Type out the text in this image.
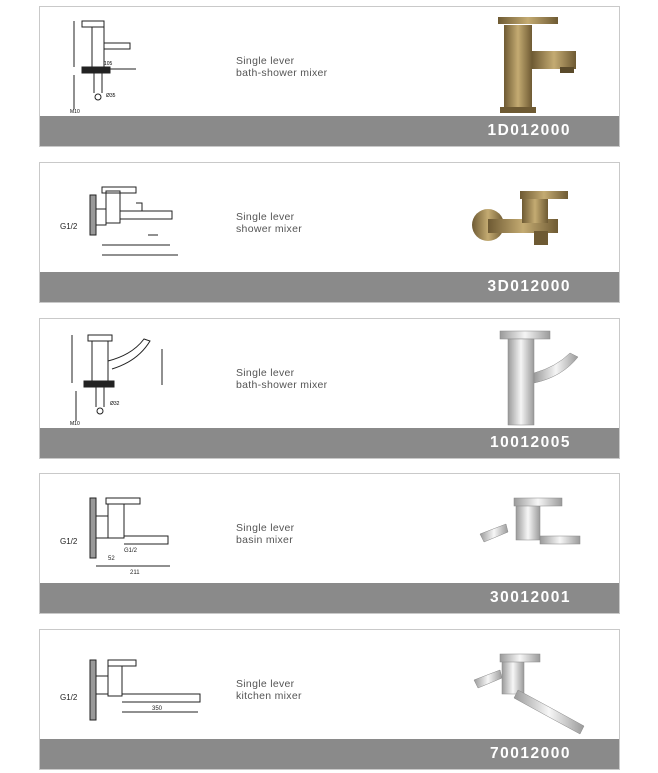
105
Ø35
M10
Single lever
bath-shower mixer
1D012000
G1/2
Single lever
shower mixer
3D012000
Ø32
M10
Single lever
bath-shower mixer
10012005
G1/2
52
G1/2
211
Single lever
basin mixer
30012001
G1/2
350
Single lever
kitchen mixer
70012000
